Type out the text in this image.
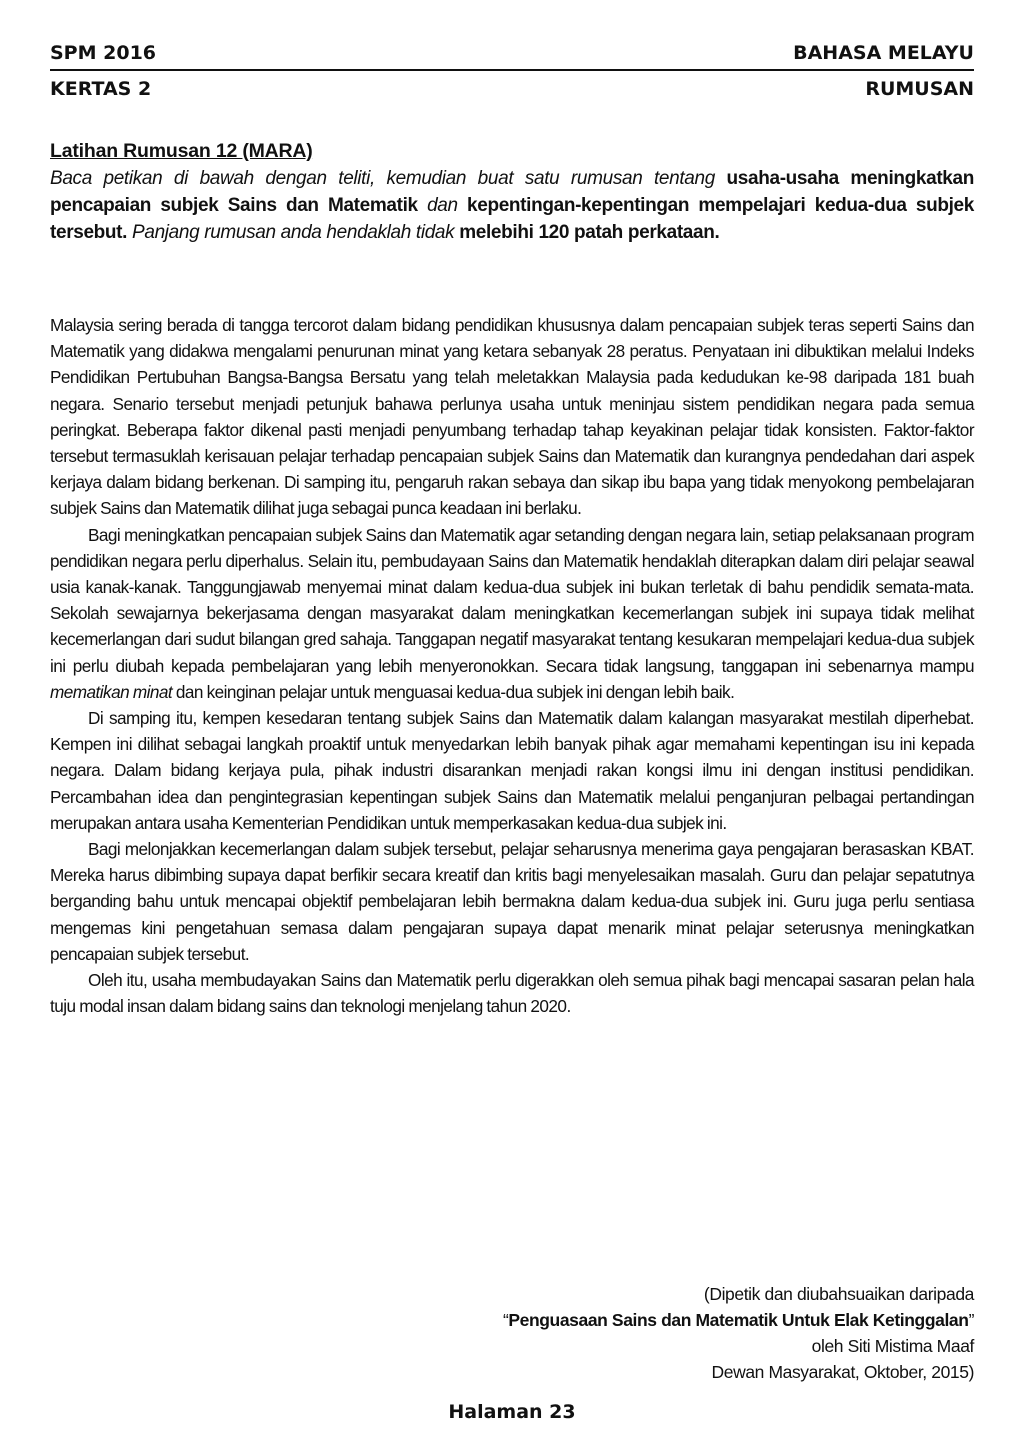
SPM 2016	BAHASA MELAYU
KERTAS 2	RUMUSAN
Latihan Rumusan 12 (MARA)
Baca petikan di bawah dengan teliti, kemudian buat satu rumusan tentang usaha-usaha meningkatkan pencapaian subjek Sains dan Matematik dan kepentingan-kepentingan mempelajari kedua-dua subjek tersebut. Panjang rumusan anda hendaklah tidak melebihi 120 patah perkataan.

Malaysia sering berada di tangga tercorot dalam bidang pendidikan khususnya dalam pencapaian subjek teras seperti Sains dan Matematik yang didakwa mengalami penurunan minat yang ketara sebanyak 28 peratus. Penyataan ini dibuktikan melalui Indeks Pendidikan Pertubuhan Bangsa-Bangsa Bersatu yang telah meletakkan Malaysia pada kedudukan ke-98 daripada 181 buah negara. Senario tersebut menjadi petunjuk bahawa perlunya usaha untuk meninjau sistem pendidikan negara pada semua peringkat. Beberapa faktor dikenal pasti menjadi penyumbang terhadap tahap keyakinan pelajar tidak konsisten. Faktor-faktor tersebut termasuklah kerisauan pelajar terhadap pencapaian subjek Sains dan Matematik dan kurangnya pendedahan dari aspek kerjaya dalam bidang berkenan. Di samping itu, pengaruh rakan sebaya dan sikap ibu bapa yang tidak menyokong pembelajaran subjek Sains dan Matematik dilihat juga sebagai punca keadaan ini berlaku.

Bagi meningkatkan pencapaian subjek Sains dan Matematik agar setanding dengan negara lain, setiap pelaksanaan program pendidikan negara perlu diperhalus. Selain itu, pembudayaan Sains dan Matematik hendaklah diterapkan dalam diri pelajar seawal usia kanak-kanak. Tanggungjawab menyemai minat dalam kedua-dua subjek ini bukan terletak di bahu pendidik semata-mata. Sekolah sewajarnya bekerjasama dengan masyarakat dalam meningkatkan kecemerlangan subjek ini supaya tidak melihat kecemerlangan dari sudut bilangan gred sahaja. Tanggapan negatif masyarakat tentang kesukaran mempelajari kedua-dua subjek ini perlu diubah kepada pembelajaran yang lebih menyeronokkan. Secara tidak langsung, tanggapan ini sebenarnya mampu mematikan minat dan keinginan pelajar untuk menguasai kedua-dua subjek ini dengan lebih baik.

Di samping itu, kempen kesedaran tentang subjek Sains dan Matematik dalam kalangan masyarakat mestilah diperhebat. Kempen ini dilihat sebagai langkah proaktif untuk menyedarkan lebih banyak pihak agar memahami kepentingan isu ini kepada negara. Dalam bidang kerjaya pula, pihak industri disarankan menjadi rakan kongsi ilmu ini dengan institusi pendidikan. Percambahan idea dan pengintegrasian kepentingan subjek Sains dan Matematik melalui penganjuran pelbagai pertandingan merupakan antara usaha Kementerian Pendidikan untuk memperkasakan kedua-dua subjek ini.

Bagi melonjakkan kecemerlangan dalam subjek tersebut, pelajar seharusnya menerima gaya pengajaran berasaskan KBAT. Mereka harus dibimbing supaya dapat berfikir secara kreatif dan kritis bagi menyelesaikan masalah. Guru dan pelajar sepatutnya berganding bahu untuk mencapai objektif pembelajaran lebih bermakna dalam kedua-dua subjek ini. Guru juga perlu sentiasa mengemas kini pengetahuan semasa dalam pengajaran supaya dapat menarik minat pelajar seterusnya meningkatkan pencapaian subjek tersebut.

Oleh itu, usaha membudayakan Sains dan Matematik perlu digerakkan oleh semua pihak bagi mencapai sasaran pelan hala tuju modal insan dalam bidang sains dan teknologi menjelang tahun 2020.

(Dipetik dan diubahsuaikan daripada
“Penguasaan Sains dan Matematik Untuk Elak Ketinggalan”
oleh Siti Mistima Maaf
Dewan Masyarakat, Oktober, 2015)
Halaman 23
